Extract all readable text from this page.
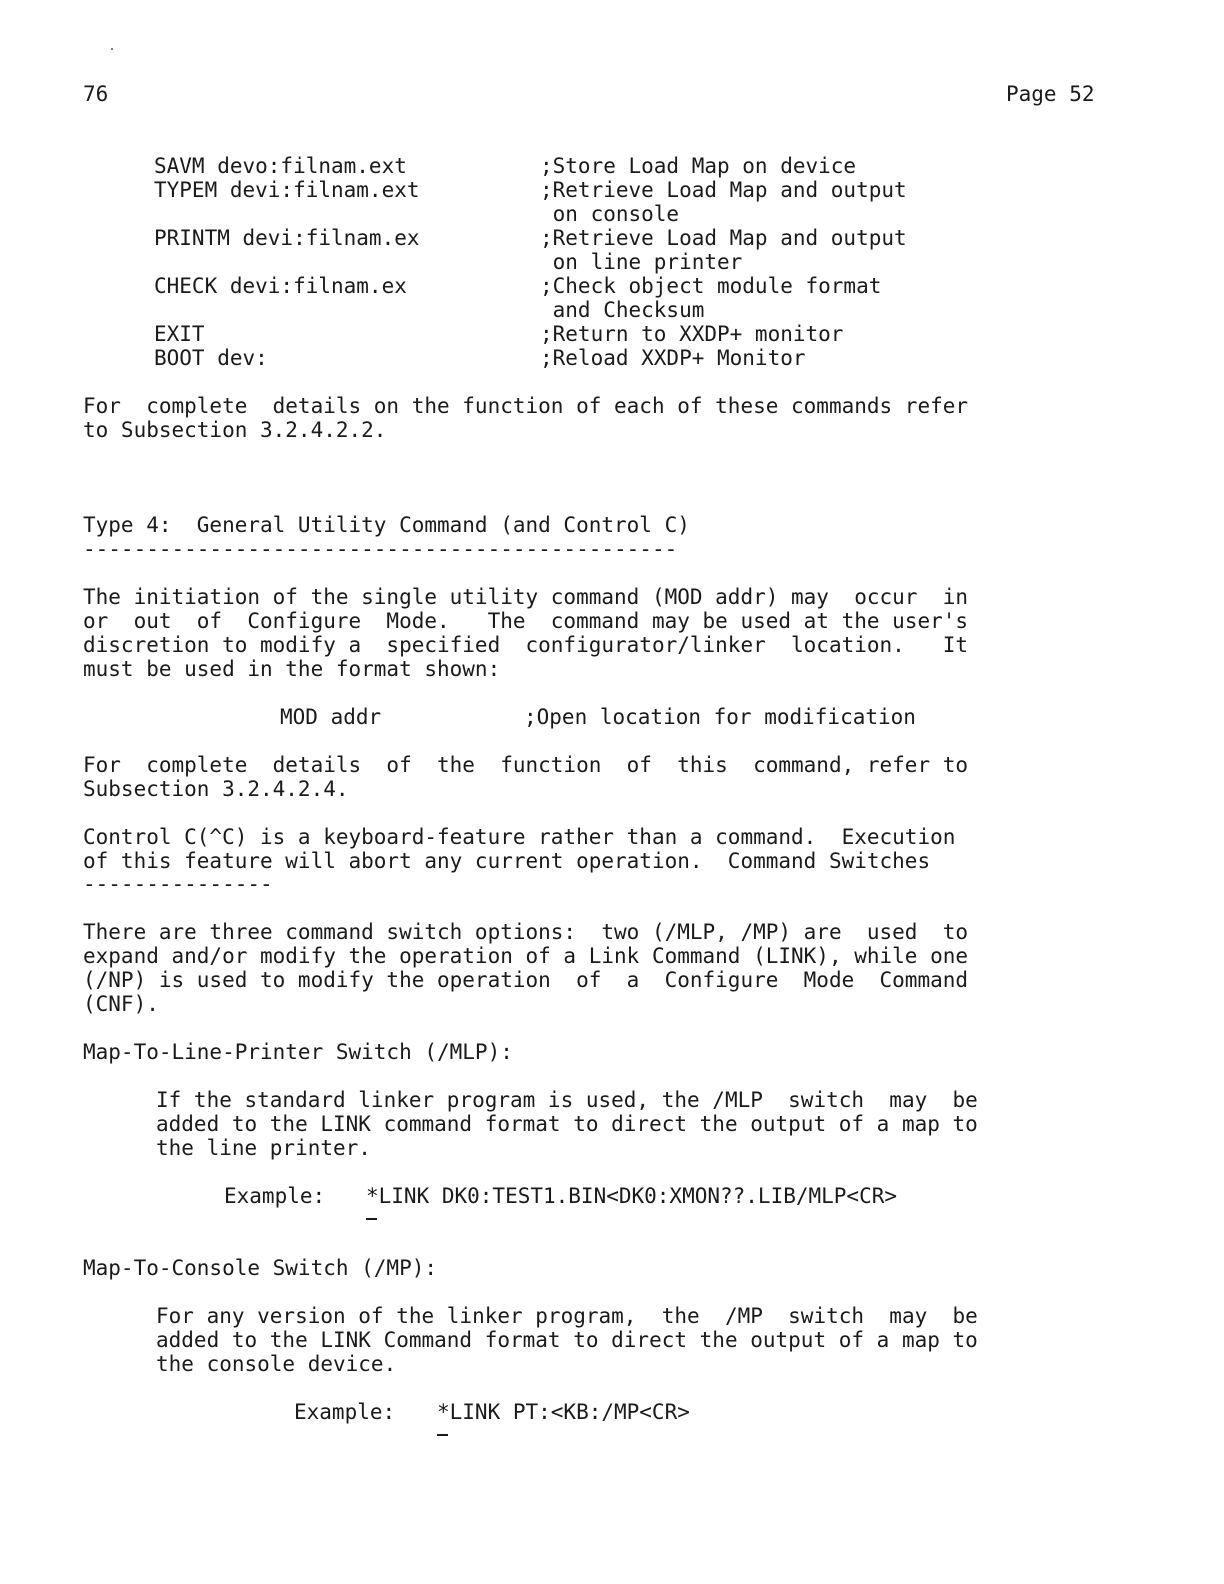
76	Page 52
SAVM devo:filnam.ext	;Store Load Map on device
TYPEM devi:filnam.ext	;Retrieve Load Map and output
on console
PRINTM devi:filnam.ex	;Retrieve Load Map and output
on line printer
CHECK devi:filnam.ex	;Check object module format
and Checksum
EXIT	;Return to XXDP+ monitor
BOOT dev:	;Reload XXDP+ Monitor
For  complete  details on the function of each of these commands refer
to Subsection 3.2.4.2.2.
Type 4:  General Utility Command (and Control C)
-----------------------------------------------
The initiation of the single utility command (MOD addr) may  occur  in
or  out  of  Configure  Mode.   The  command may be used at the user's
discretion to modify a  specified  configurator/linker  location.   It
must be used in the format shown:
MOD addr	;Open location for modification
For  complete  details  of  the  function  of  this  command, refer to
Subsection 3.2.4.2.4.
Control C(^C) is a keyboard-feature rather than a command.  Execution
of this feature will abort any current operation.  Command Switches
---------------
There are three command switch options:  two (/MLP, /MP) are  used  to
expand and/or modify the operation of a Link Command (LINK), while one
(/NP) is used to modify the operation  of  a  Configure  Mode  Command
(CNF).
Map-To-Line-Printer Switch (/MLP):
If the standard linker program is used, the /MLP  switch  may  be
added to the LINK command format to direct the output of a map to
the line printer.
Example: *LINK DK0:TEST1.BIN<DK0:XMON??.LIB/MLP<CR>
Map-To-Console Switch (/MP):
For any version of the linker program,  the  /MP  switch  may  be
added to the LINK Command format to direct the output of a map to
the console device.
Example: *LINK PT:<KB:/MP<CR>
